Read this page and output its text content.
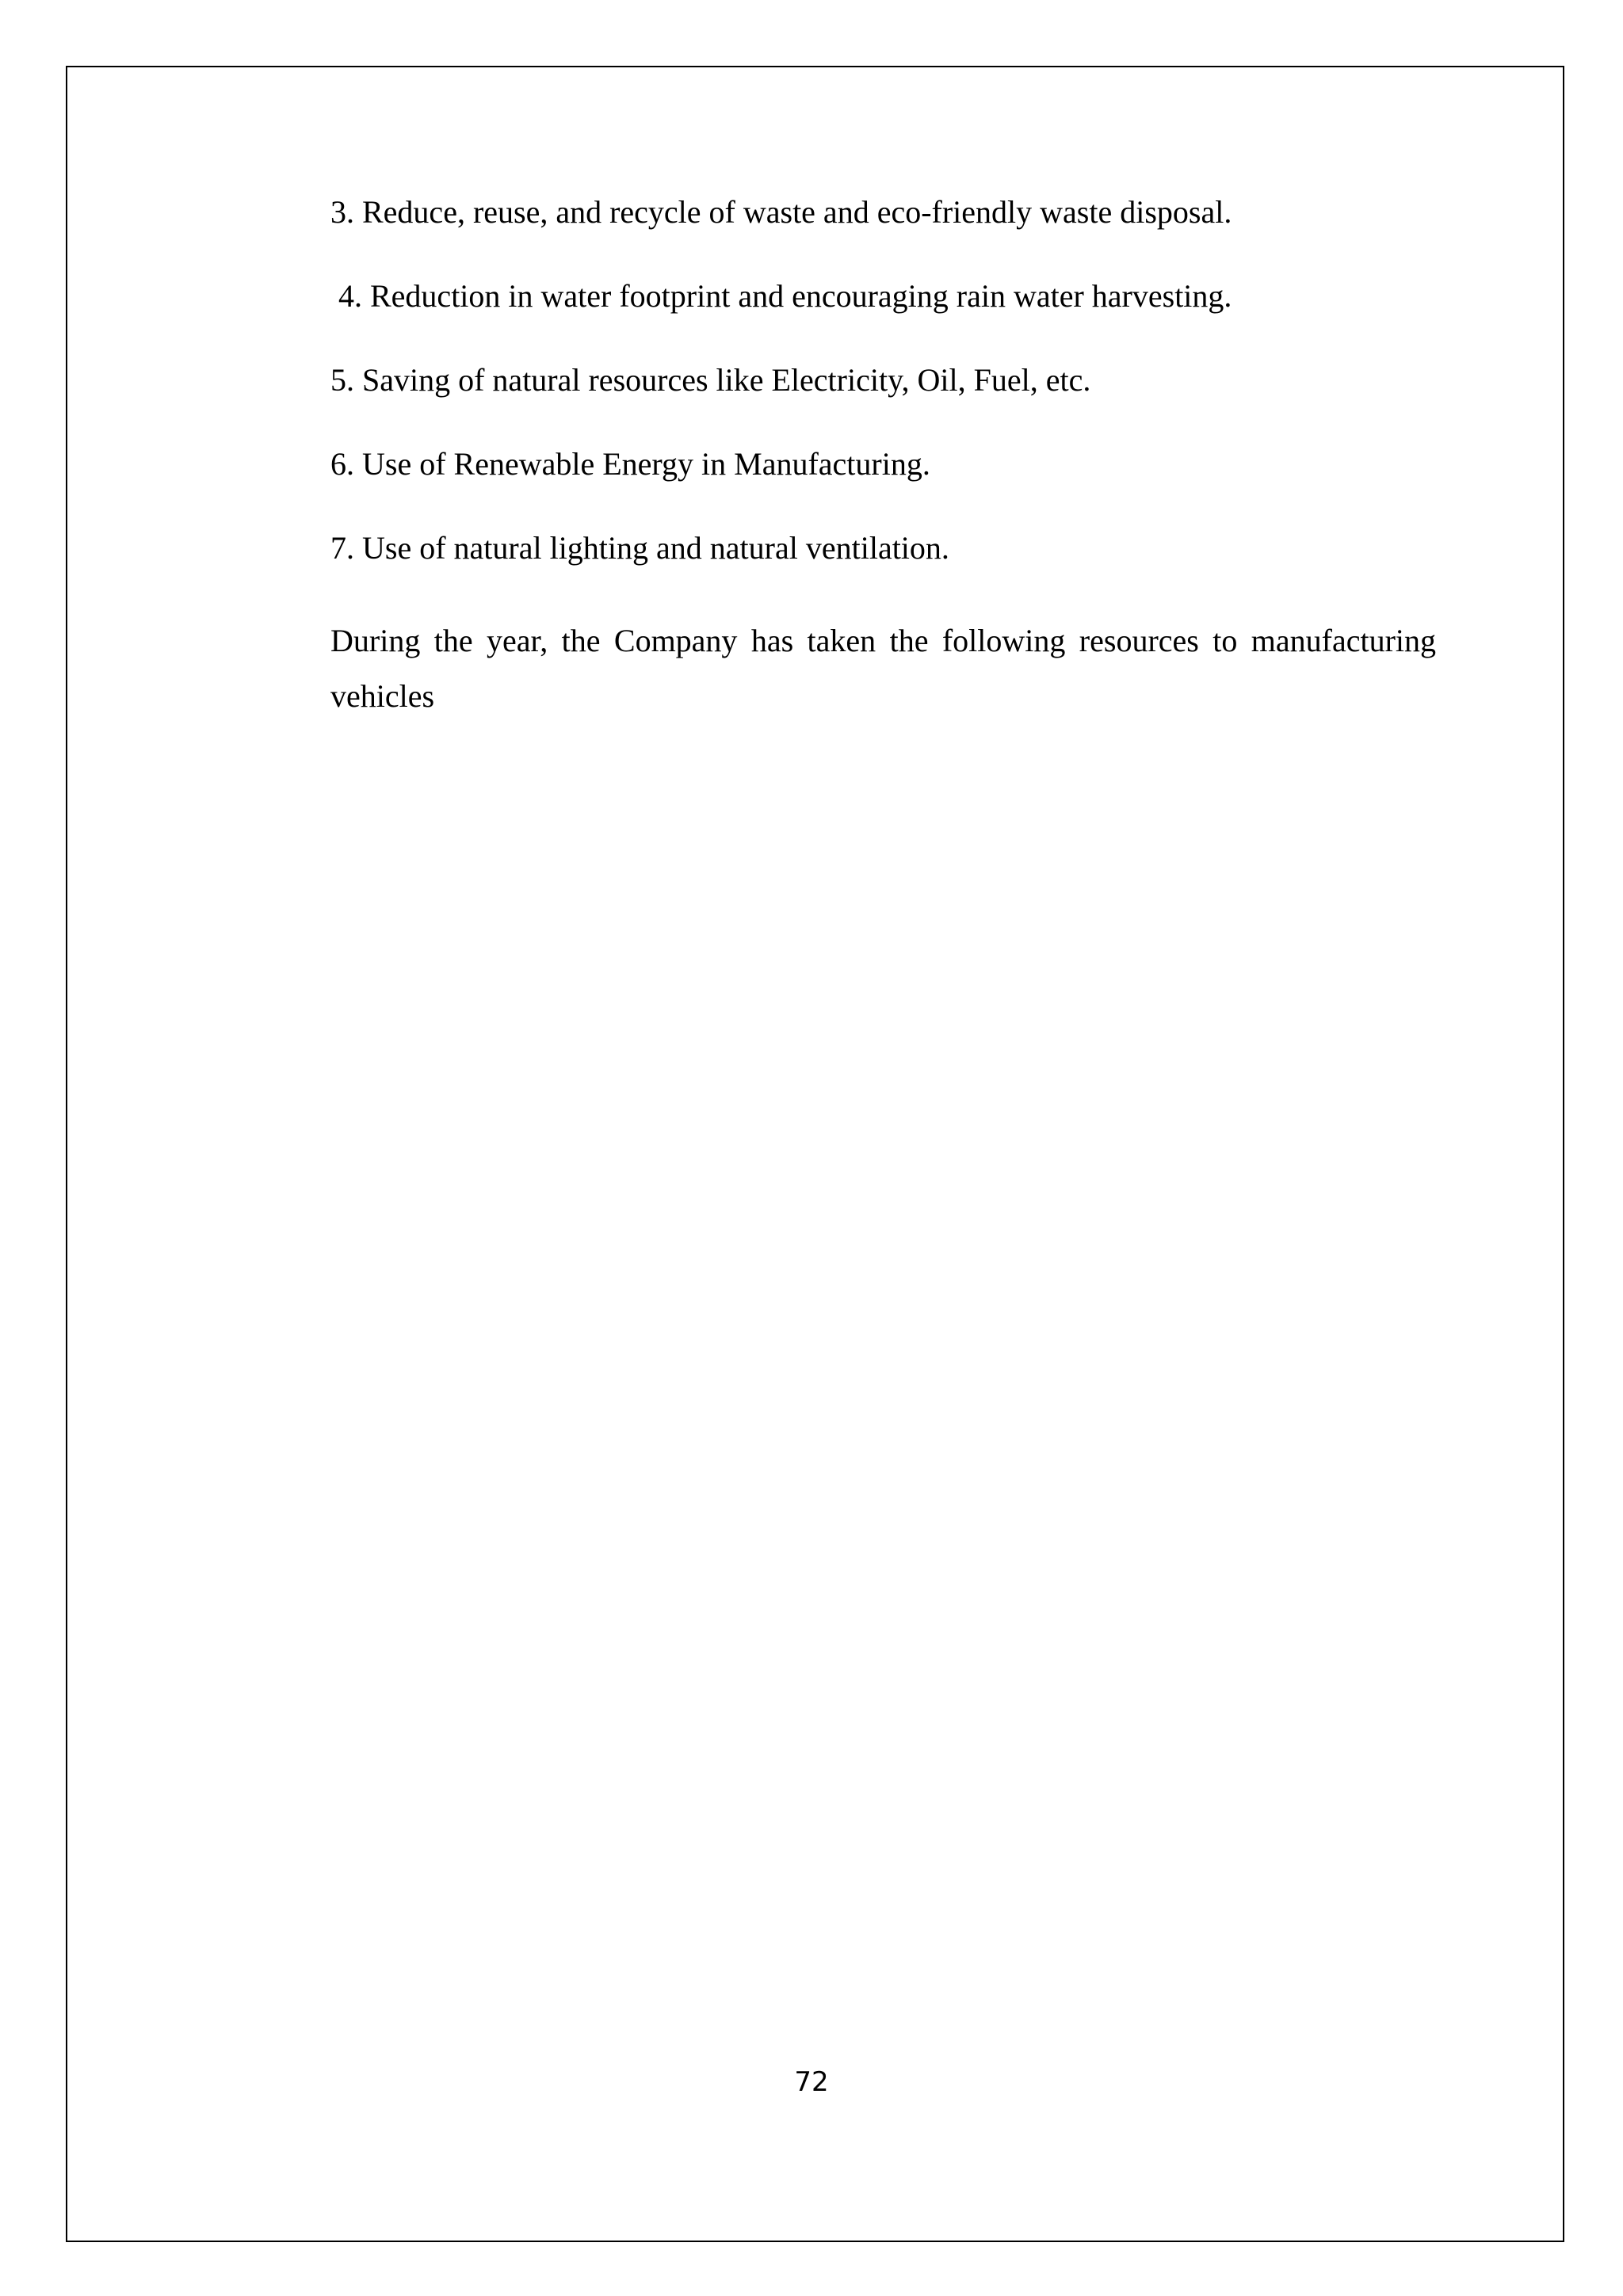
3. Reduce, reuse, and recycle of waste and eco-friendly waste disposal.

4. Reduction in water footprint and encouraging rain water harvesting.

5. Saving of natural resources like Electricity, Oil, Fuel, etc.

6. Use of Renewable Energy in Manufacturing.

7. Use of natural lighting and natural ventilation.

During the year, the Company has taken the following resources to manufacturing vehicles

72
